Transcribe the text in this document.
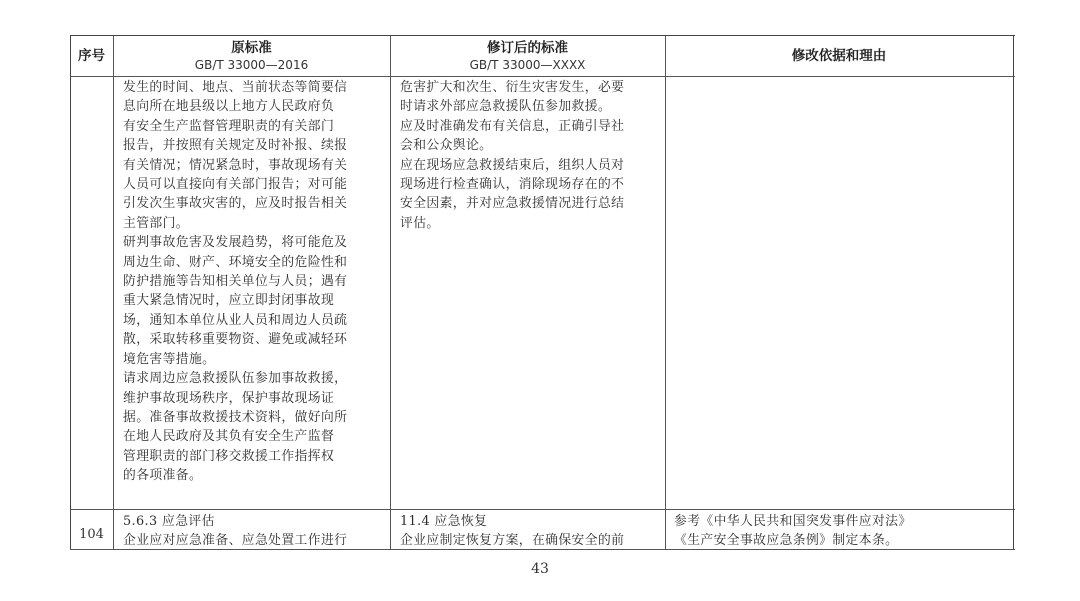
序号	原标准
GB/T 33000—2016
修订后的标准
GB/T 33000—XXXX
修改依据和理由

发生的时间、地点、当前状态等简要信

息向所在地县级以上地方人民政府负

有安全生产监督管理职责的有关部门

报告，并按照有关规定及时补报、续报

有关情况；情况紧急时，事故现场有关

人员可以直接向有关部门报告；对可能

引发次生事故灾害的，应及时报告相关

主管部门。

研判事故危害及发展趋势，将可能危及

周边生命、财产、环境安全的危险性和

防护措施等告知相关单位与人员；遇有

重大紧急情况时，应立即封闭事故现

场，通知本单位从业人员和周边人员疏

散，采取转移重要物资、避免或减轻环

境危害等措施。

请求周边应急救援队伍参加事故救援，

维护事故现场秩序，保护事故现场证

据。准备事故救援技术资料，做好向所

在地人民政府及其负有安全生产监督

管理职责的部门移交救援工作指挥权

的各项准备。

危害扩大和次生、衍生灾害发生，必要

时请求外部应急救援队伍参加救援。

应及时准确发布有关信息，正确引导社

会和公众舆论。

应在现场应急救援结束后，组织人员对

现场进行检查确认，消除现场存在的不

安全因素，并对应急救援情况进行总结

评估。

104

5.6.3 应急评估

企业应对应急准备、应急处置工作进行

11.4 应急恢复

企业应制定恢复方案，在确保安全的前

参考《中华人民共和国突发事件应对法》

《生产安全事故应急条例》制定本条。

43
